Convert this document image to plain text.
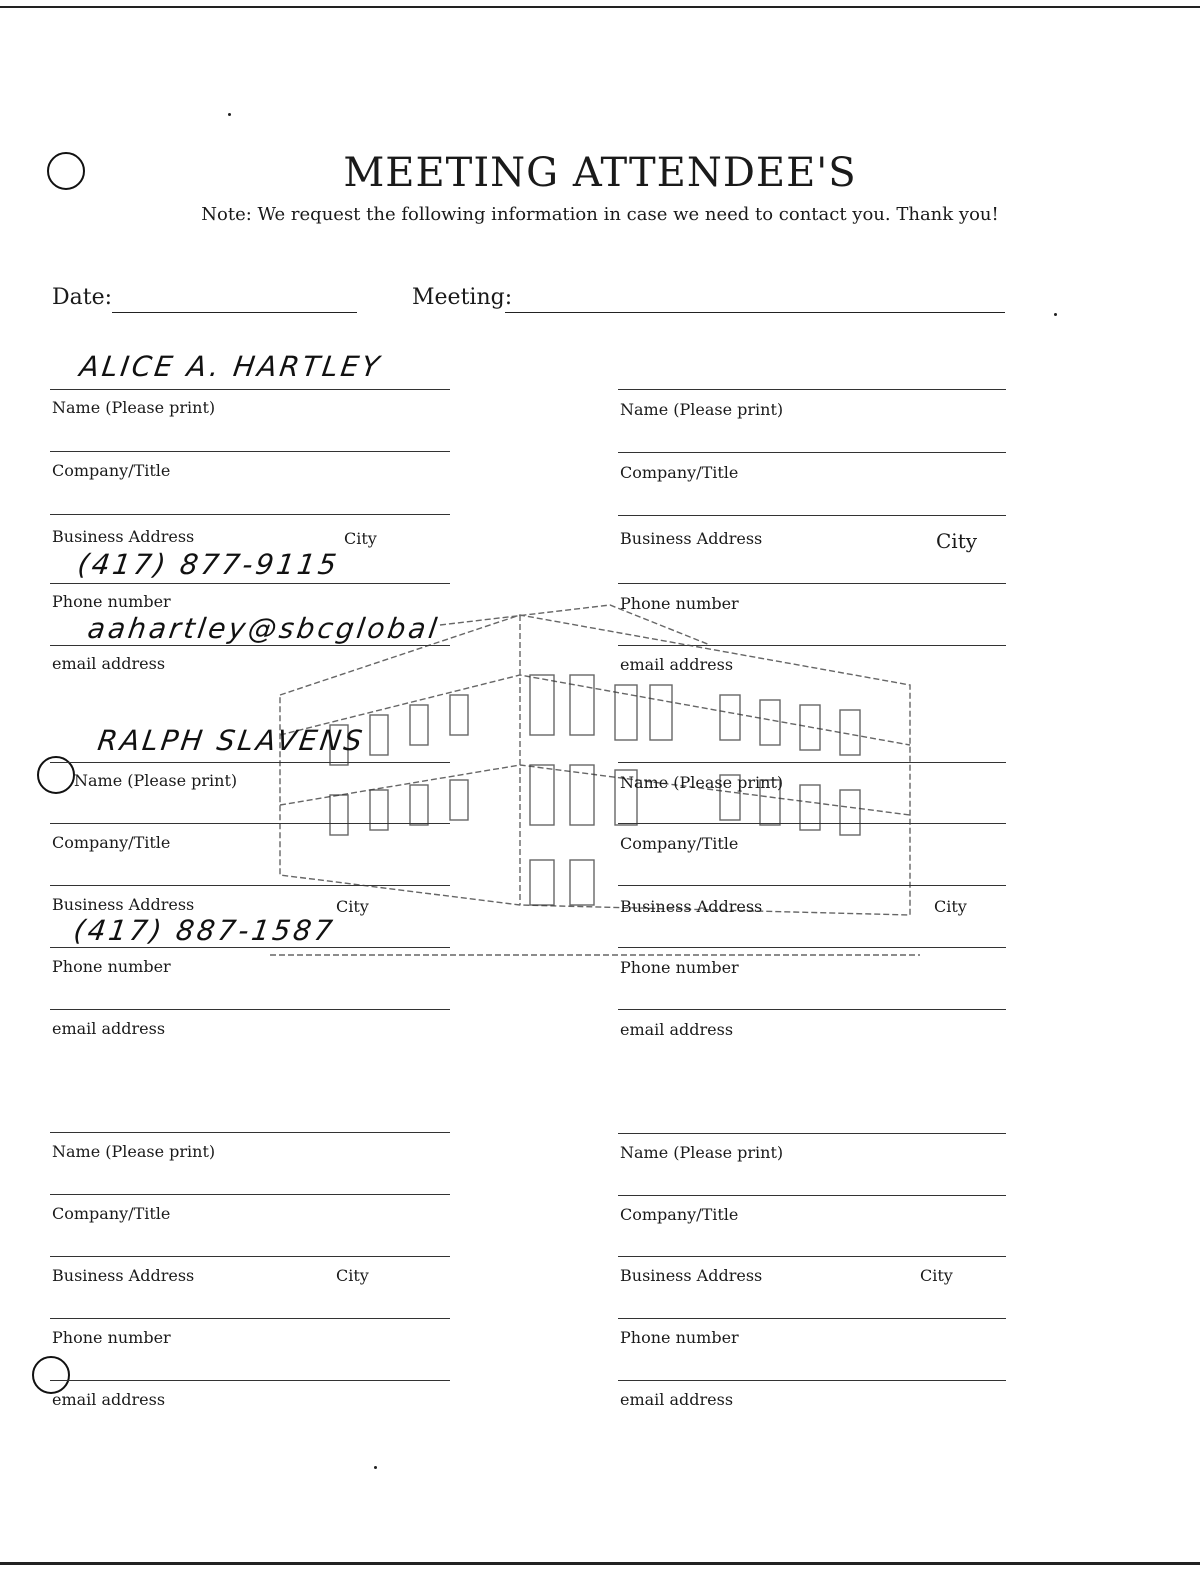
MEETING ATTENDEE'S
Note: We request the following information in case we need to contact you. Thank you!
Date:	Meeting:
ALICE A. HARTLEY
Name (Please print)
Company/Title
Business Address	City
(417) 877-9115
Phone number
aahartley@sbcglobal
email address
Name (Please print)
Company/Title
Business Address	City
Phone number
email address
RALPH SLAVENS
Name (Please print)
Company/Title
Business Address	City
(417) 887-1587
Phone number
email address
Name (Please print)
Company/Title
Business Address	City
Phone number
email address
Name (Please print)
Company/Title
Business Address	City
Phone number
email address
Name (Please print)
Company/Title
Business Address	City
Phone number
email address
